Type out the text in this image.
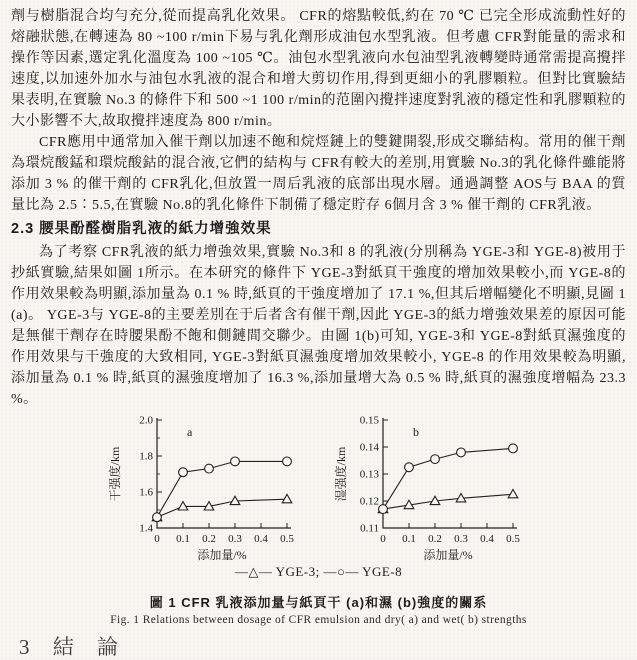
劑与樹脂混合均勻充分,從而提高乳化效果。 CFR的熔點較低,約在 70 ℃ 已完全形成流動性好的熔融狀態,在轉速為 80 ~100 r/min下易与乳化劑形成油包水型乳液。但考慮 CFR對能量的需求和操作等因素,選定乳化溫度為 100 ~105 ℃。油包水型乳液向水包油型乳液轉變時通常需提高攪拌速度,以加速外加水与油包水乳液的混合和增大剪切作用,得到更細小的乳膠顆粒。但對比實驗結果表明,在實驗 No.3 的條件下和 500 ~1 100 r/min的范圍內攪拌速度對乳液的穩定性和乳膠顆粒的大小影響不大,故取攪拌速度為 800 r/min。

CFR應用中通常加入催干劑以加速不飽和烷烴鏈上的雙鍵開裂,形成交聯結构。常用的催干劑為環烷酸錳和環烷酸鈷的混合液,它們的結构与 CFR有較大的差別,用實驗 No.3的乳化條件雖能將添加 3 % 的催干劑的 CFR乳化,但放置一周后乳液的底部出現水層。通過調整 AOS与 BAA 的質量比為 2.5∶5.5,在實驗 No.8的乳化條件下制備了穩定貯存 6個月含 3 % 催干劑的 CFR乳液。

2.3 腰果酚醛樹脂乳液的紙力增強效果

為了考察 CFR乳液的紙力增強效果,實驗 No.3和 8 的乳液(分別稱為 YGE-3和 YGE-8)被用于抄紙實驗,結果如圖 1所示。在本研究的條件下 YGE-3對紙頁干強度的增加效果較小,而 YGE-8的作用效果較為明顯,添加量為 0.1 % 時,紙頁的干強度增加了 17.1 %,但其后增幅變化不明顯,見圖 1 (a)。 YGE-3与 YGE-8的主要差別在于后者含有催干劑,因此 YGE-3的紙力增強效果差的原因可能是無催干劑存在時腰果酚不飽和側鏈間交聯少。由圖 1(b)可知, YGE-3和 YGE-8對紙頁濕強度的作用效果与干強度的大致相同, YGE-3對紙頁濕強度增加效果較小, YGE-8 的作用效果較為明顯,添加量為 0.1 % 時,紙頁的濕強度增加了 16.3 %,添加量增大為 0.5 % 時,紙頁的濕強度增幅為 23.3 %。

1.4
1.6
1.8
2.0
0 0.1 0.2 0.3 0.4 0.5
添加量/%
干强度/km
a
0.11
0.12
0.13
0.14
0.15
0 0.1 0.2 0.3 0.4 0.5
添加量/%
湿强度/km
b
—△— YGE-3; —○— YGE-8

圖 1 CFR 乳液添加量与紙頁干 (a)和濕 (b)強度的關系

Fig. 1 Relations between dosage of CFR emulsion and dry( a) and wet( b) strengths

3 結 論
